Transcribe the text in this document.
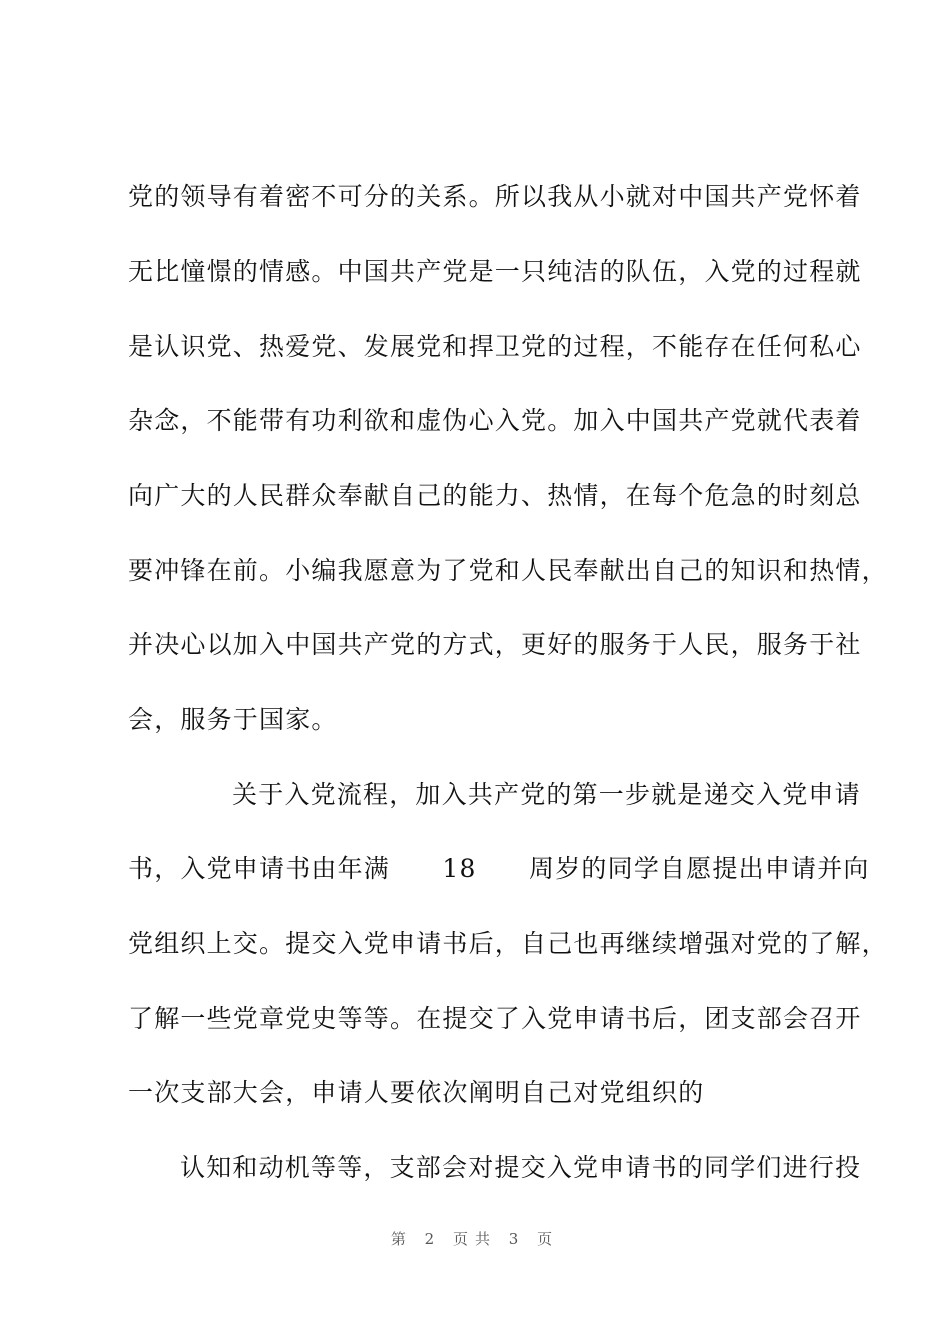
党的领导有着密不可分的关系。所以我从小就对中国共产党怀着
无比憧憬的情感。中国共产党是一只纯洁的队伍，入党的过程就
是认识党、热爱党、发展党和捍卫党的过程，不能存在任何私心
杂念，不能带有功利欲和虚伪心入党。加入中国共产党就代表着
向广大的人民群众奉献自己的能力、热情，在每个危急的时刻总
要冲锋在前。小编我愿意为了党和人民奉献出自己的知识和热情，
并决心以加入中国共产党的方式，更好的服务于人民，服务于社
会，服务于国家。
关于入党流程，加入共产党的第一步就是递交入党申请
书，入党申请书由年满　　18　　周岁的同学自愿提出申请并向
党组织上交。提交入党申请书后，自己也再继续增强对党的了解，
了解一些党章党史等等。在提交了入党申请书后，团支部会召开
一次支部大会，申请人要依次阐明自己对党组织的
认知和动机等等，支部会对提交入党申请书的同学们进行投
第 2 页共 3 页
